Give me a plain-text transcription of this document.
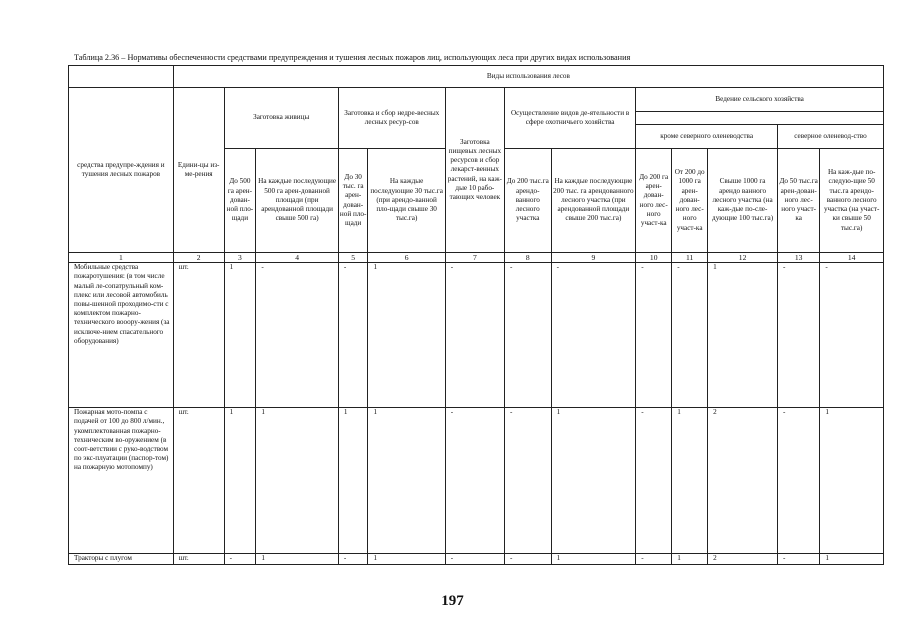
Таблица 2.36 – Нормативы обеспеченности средствами предупреждения и тушения лесных пожаров лиц, использующих леса при других видах использования
	Виды использования лесов												
средства предупре-ждения и тушения лесных пожаров	Едини-цы из-ме-рения	Заготовка живицы		Заготовка и сбор недре-весных лесных ресур-сов		Заготовка пищевых лесных ресурсов и сбор лекарст-венных растений, на каж-дые 10 рабо-тающих человек	Осуществление видов де-ятельности в сфере охотничьего хозяйства		Ведение сельского хозяйства				

									кроме северного оленеводства			северное оленевод-ство	
		До 500 га арен-дован-ной пло-щади	На каждые последующие 500 га арен-дованной площади (при арендованной площади свыше 500 га)	До 30 тыс. га арен-дован-ной пло-щади	На каждые последующие 30 тыс.га (при арендо-ванной пло-щади свыше 30 тыс.га)		До 200 тыс.га арендо-ванного лесного участка	На каждые последующие 200 тыс. га арендованного лесного участка (при арендованной площади свыше 200 тыс.га)	До 200 га арен-дован-ного лес-ного участ-ка	От 200 до 1000 га арен-дован-ного лес-ного участ-ка	Свыше 1000 га арендо ванного лесного участка (на каж-дые по-сле-дующие 100 тыс.га)	До 50 тыс.га арен-дован-ного лес-ного участ-ка	На каж-дые по-следую-щие 50 тыс.га арендо-ванного лесного участка (на участ-ки свыше 50 тыс.га)

1	2	3	4	5	6	7	8	9	10	11	12	13	14
Мобильные средства пожаротушения: (в том числе малый ле-сопатрульный ком-плекс или лесовой автомобиль повы-шенной проходимо-сти с комплектом пожарно-технического вооору-жения (за исключе-нием спасательного оборудования)	шт.	1	-	-	1	-	-	-	-	-	1	-	-
Пожарная мото-помпа с подачей от 100 до 800 л/мин., укомплектованная пожарно-техническим во-оружением (в соот-ветствии с руко-водством по экс-плуатации (паспор-том) на пожарную мотопомпу)	шт.	1	1	1	1	-	-	1	-	1	2	-	1
Тракторы с плугом	шт.	-	1	-	1	-	-	1	-	1	2	-	1
197
